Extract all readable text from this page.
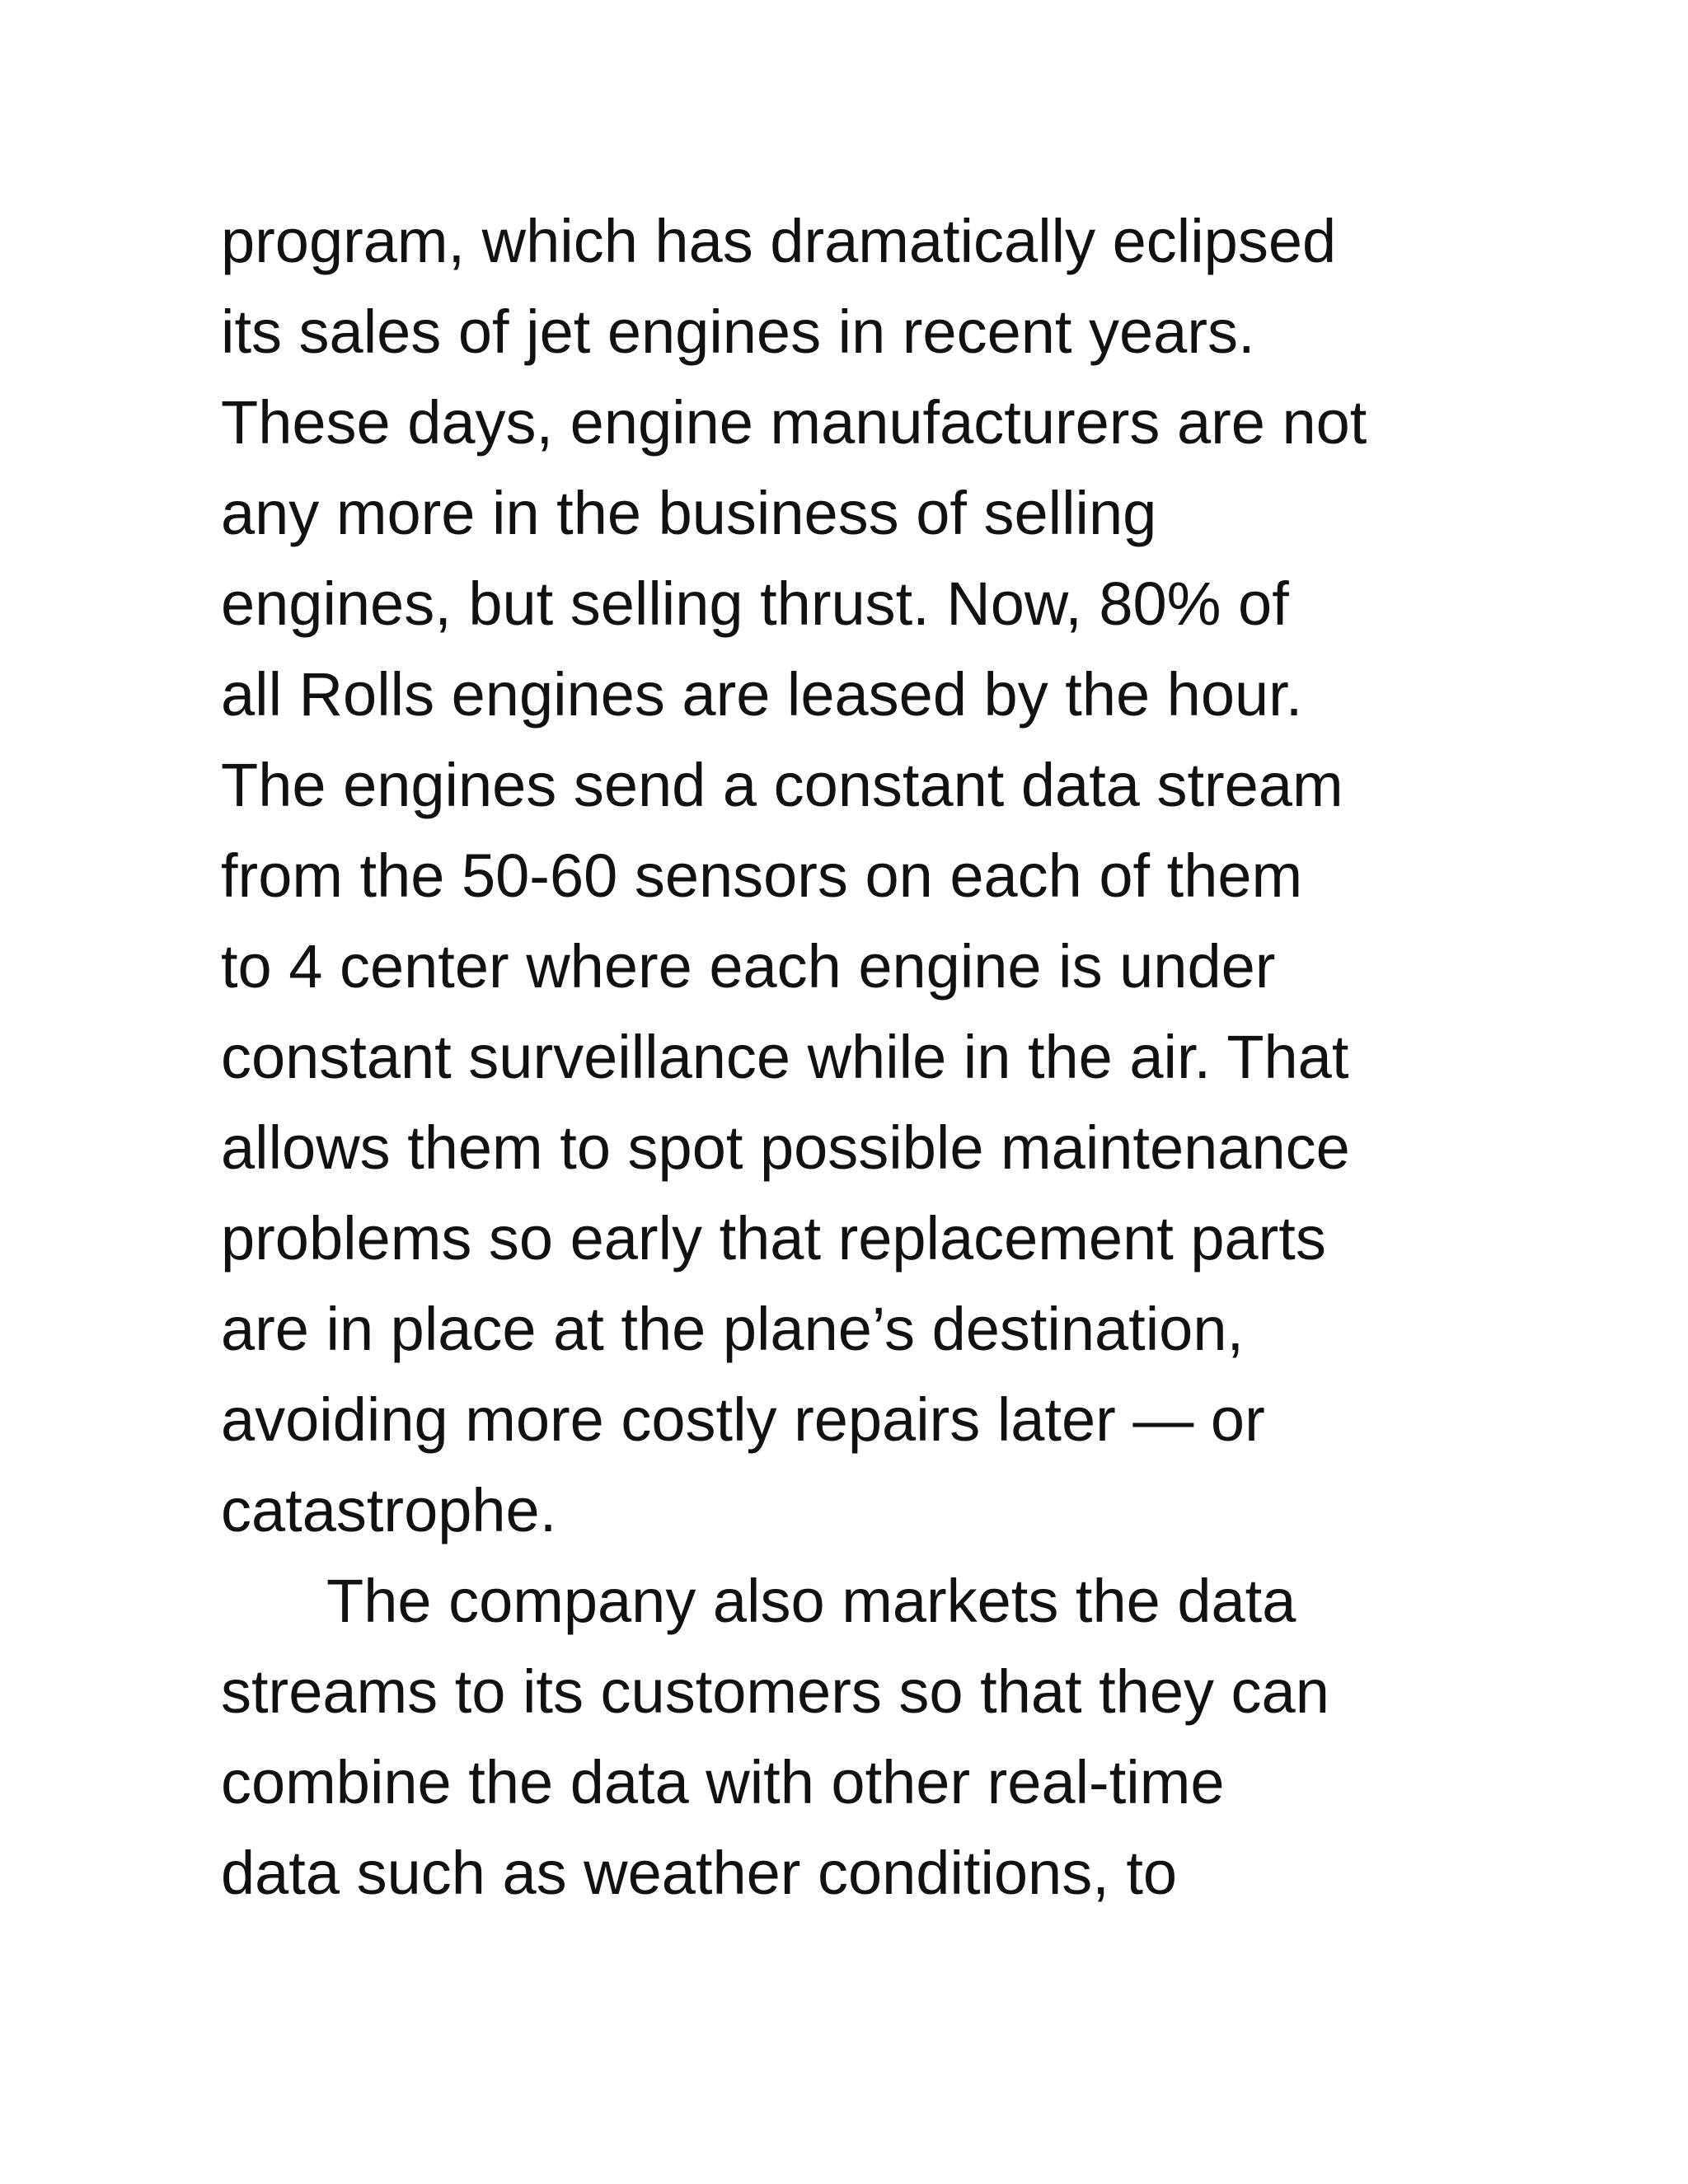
program, which has dramatically eclipsed
its sales of jet engines in recent years.
These days, engine manufacturers are not
any more in the business of selling
engines, but selling thrust. Now, 80% of
all Rolls engines are leased by the hour.
The engines send a constant data stream
from the 50-60 sensors on each of them
to 4 center where each engine is under
constant surveillance while in the air. That
allows them to spot possible maintenance
problems so early that replacement parts
are in place at the plane’s destination,
avoiding more costly repairs later — or
catastrophe.
The company also markets the data
streams to its customers so that they can
combine the data with other real-time
data such as weather conditions, to
